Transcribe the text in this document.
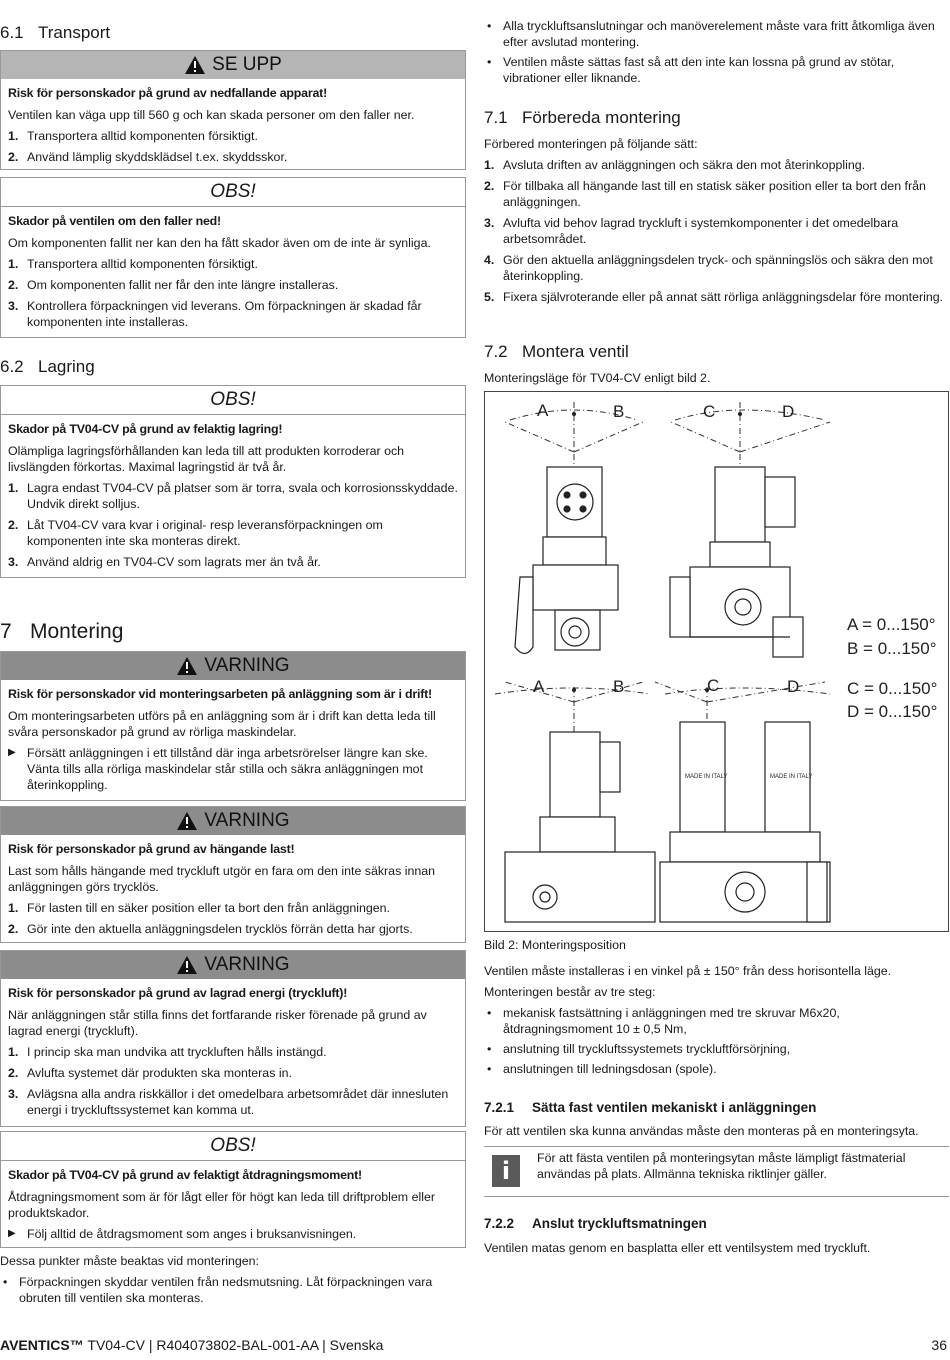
6.1 Transport
SE UPP
Risk för personskador på grund av nedfallande apparat!

Ventilen kan väga upp till 560 g och kan skada personer om den faller ner.

1. Transportera alltid komponenten försiktigt.
2. Använd lämplig skyddsklädsel t.ex. skyddsskor.
OBS!
Skador på ventilen om den faller ned!

Om komponenten fallit ner kan den ha fått skador även om de inte är synliga.

1. Transportera alltid komponenten försiktigt.
2. Om komponenten fallit ner får den inte längre installeras.
3. Kontrollera förpackningen vid leverans. Om förpackningen är skadad får komponenten inte installeras.
6.2 Lagring
OBS!
Skador på TV04-CV på grund av felaktig lagring!

Olämpliga lagringsförhållanden kan leda till att produkten korroderar och livslängden förkortas. Maximal lagringstid är två år.

1. Lagra endast TV04-CV på platser som är torra, svala och korrosionsskyddade. Undvik direkt solljus.
2. Låt TV04-CV vara kvar i original- resp leveransförpackningen om komponenten inte ska monteras direkt.
3. Använd aldrig en TV04-CV som lagrats mer än två år.
7 Montering
VARNING
Risk för personskador vid monteringsarbeten på anläggning som är i drift!

Om monteringsarbeten utförs på en anläggning som är i drift kan detta leda till svåra personskador på grund av rörliga maskindelar.

▶ Försätt anläggningen i ett tillstånd där inga arbetsrörelser längre kan ske. Vänta tills alla rörliga maskindelar står stilla och säkra anläggningen mot återinkoppling.
VARNING
Risk för personskador på grund av hängande last!

Last som hålls hängande med tryckluft utgör en fara om den inte säkras innan anläggningen görs trycklös.

1. För lasten till en säker position eller ta bort den från anläggningen.
2. Gör inte den aktuella anläggningsdelen trycklös förrän detta har gjorts.
VARNING
Risk för personskador på grund av lagrad energi (tryckluft)!

När anläggningen står stilla finns det fortfarande risker förenade på grund av lagrad energi (tryckluft).

1. I princip ska man undvika att tryckluften hålls instängd.
2. Avlufta systemet där produkten ska monteras in.
3. Avlägsna alla andra riskkällor i det omedelbara arbetsområdet där innesluten energi i tryckluftssystemet kan komma ut.
OBS!
Skador på TV04-CV på grund av felaktigt åtdragningsmoment!

Åtdragningsmoment som är för lågt eller för högt kan leda till driftproblem eller produktskador.

▶ Följ alltid de åtdragsmoment som anges i bruksanvisningen.

Dessa punkter måste beaktas vid monteringen:

• Förpackningen skyddar ventilen från nedsmutsning. Låt förpackningen vara obruten till ventilen ska monteras.
• Alla tryckluftsanslutningar och manöverelement måste vara fritt åtkomliga även efter avslutad montering.
• Ventilen måste sättas fast så att den inte kan lossna på grund av stötar, vibrationer eller liknande.
7.1 Förbereda montering

Förbered monteringen på följande sätt:

1. Avsluta driften av anläggningen och säkra den mot återinkoppling.
2. För tillbaka all hängande last till en statisk säker position eller ta bort den från anläggningen.
3. Avlufta vid behov lagrad tryckluft i systemkomponenter i det omedelbara arbetsområdet.
4. Gör den aktuella anläggningsdelen tryck- och spänningslös och säkra den mot återinkoppling.
5. Fixera självroterande eller på annat sätt rörliga anläggningsdelar före montering.
7.2 Montera ventil
Monteringsläge för TV04-CV enligt bild 2.
A	B	C	D
A	B	C	D
A = 0...150°
B = 0...150°
C = 0...150°
D = 0...150°
MADE IN ITALY	MADE IN ITALY
Bild 2: Monteringsposition

Ventilen måste installeras i en vinkel på ± 150° från dess horisontella läge.

Monteringen består av tre steg:

• mekanisk fastsättning i anläggningen med tre skruvar M6x20, åtdragningsmoment 10 ± 0,5 Nm,
• anslutning till tryckluftssystemets tryckluftförsörjning,
• anslutningen till ledningsdosan (spole).
7.2.1 Sätta fast ventilen mekaniskt i anläggningen
För att ventilen ska kunna användas måste den monteras på en monteringsyta.
i	För att fästa ventilen på monteringsytan måste lämpligt fästmaterial användas på plats. Allmänna tekniska riktlinjer gäller.
7.2.2 Anslut tryckluftsmatningen
Ventilen matas genom en basplatta eller ett ventilsystem med tryckluft.
AVENTICS™ TV04-CV | R404073802-BAL-001-AA | Svenska	36
